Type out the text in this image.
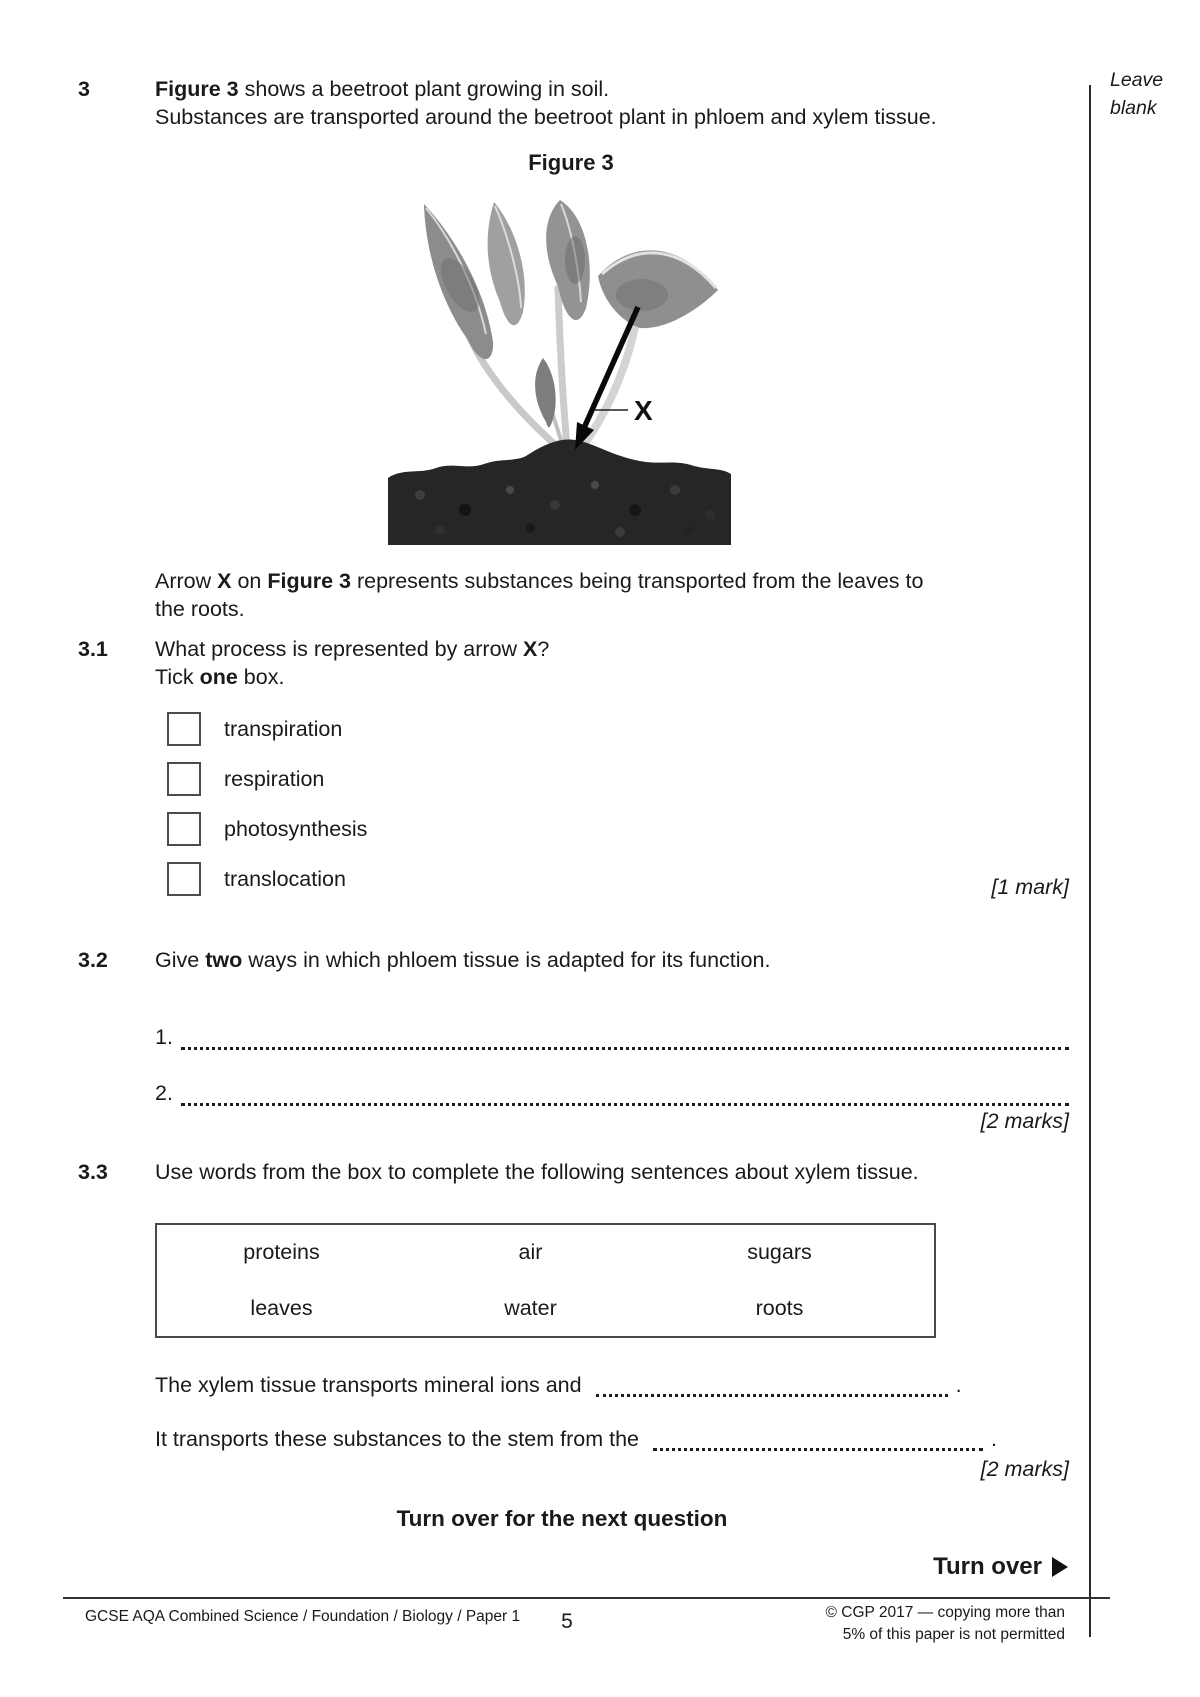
Leave
blank
3	Figure 3 shows a beetroot plant growing in soil.
Substances are transported around the beetroot plant in phloem and xylem tissue.
Figure 3
X
Arrow X on Figure 3 represents substances being transported from the leaves to
the roots.
3.1 What process is represented by arrow X?
Tick one box.
transpiration
respiration
photosynthesis
translocation	[1 mark]
3.2 Give two ways in which phloem tissue is adapted for its function.
1.
2.
[2 marks]
3.3 Use words from the box to complete the following sentences about xylem tissue.
proteins	air	sugars
leaves	water	roots
The xylem tissue transports mineral ions and	.
It transports these substances to the stem from the	.
[2 marks]
Turn over for the next question
Turn over
GCSE AQA Combined Science / Foundation / Biology / Paper 1	5	© CGP 2017 — copying more than
5% of this paper is not permitted
